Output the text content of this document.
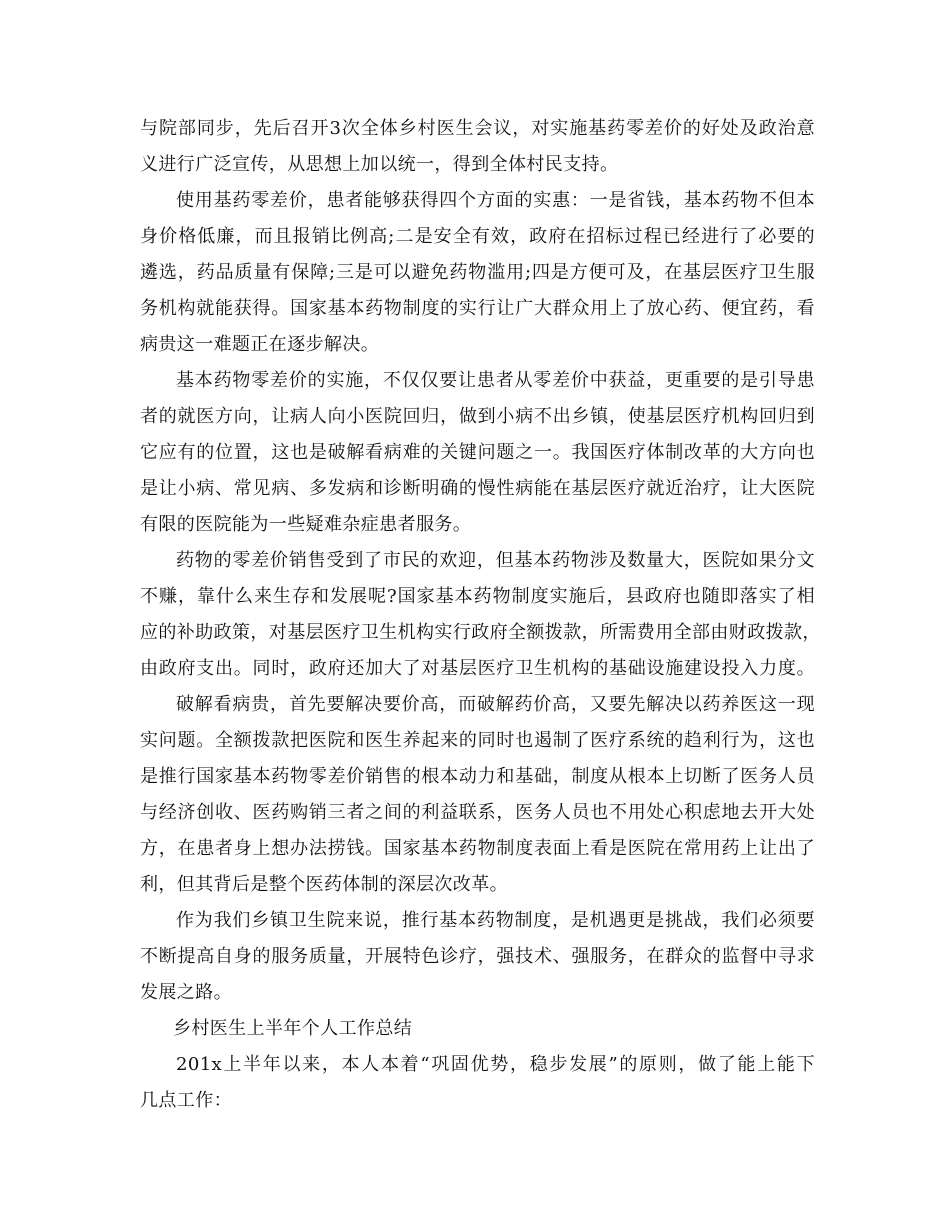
与院部同步，先后召开3次全体乡村医生会议，对实施基药零差价的好处及政治意
义进行广泛宣传，从思想上加以统一，得到全体村民支持。
使用基药零差价，患者能够获得四个方面的实惠：一是省钱，基本药物不但本
身价格低廉，而且报销比例高;二是安全有效，政府在招标过程已经进行了必要的
遴选，药品质量有保障;三是可以避免药物滥用;四是方便可及，在基层医疗卫生服
务机构就能获得。国家基本药物制度的实行让广大群众用上了放心药、便宜药，看
病贵这一难题正在逐步解决。
基本药物零差价的实施，不仅仅要让患者从零差价中获益，更重要的是引导患
者的就医方向，让病人向小医院回归，做到小病不出乡镇，使基层医疗机构回归到
它应有的位置，这也是破解看病难的关键问题之一。我国医疗体制改革的大方向也
是让小病、常见病、多发病和诊断明确的慢性病能在基层医疗就近治疗，让大医院
有限的医院能为一些疑难杂症患者服务。
药物的零差价销售受到了市民的欢迎，但基本药物涉及数量大，医院如果分文
不赚，靠什么来生存和发展呢?国家基本药物制度实施后，县政府也随即落实了相
应的补助政策，对基层医疗卫生机构实行政府全额拨款，所需费用全部由财政拨款，
由政府支出。同时，政府还加大了对基层医疗卫生机构的基础设施建设投入力度。
破解看病贵，首先要解决要价高，而破解药价高，又要先解决以药养医这一现
实问题。全额拨款把医院和医生养起来的同时也遏制了医疗系统的趋利行为，这也
是推行国家基本药物零差价销售的根本动力和基础，制度从根本上切断了医务人员
与经济创收、医药购销三者之间的利益联系，医务人员也不用处心积虑地去开大处
方，在患者身上想办法捞钱。国家基本药物制度表面上看是医院在常用药上让出了
利，但其背后是整个医药体制的深层次改革。
作为我们乡镇卫生院来说，推行基本药物制度，是机遇更是挑战，我们必须要
不断提高自身的服务质量，开展特色诊疗，强技术、强服务，在群众的监督中寻求
发展之路。
乡村医生上半年个人工作总结
201x上半年以来，本人本着“巩固优势，稳步发展”的原则，做了能上能下
几点工作：
